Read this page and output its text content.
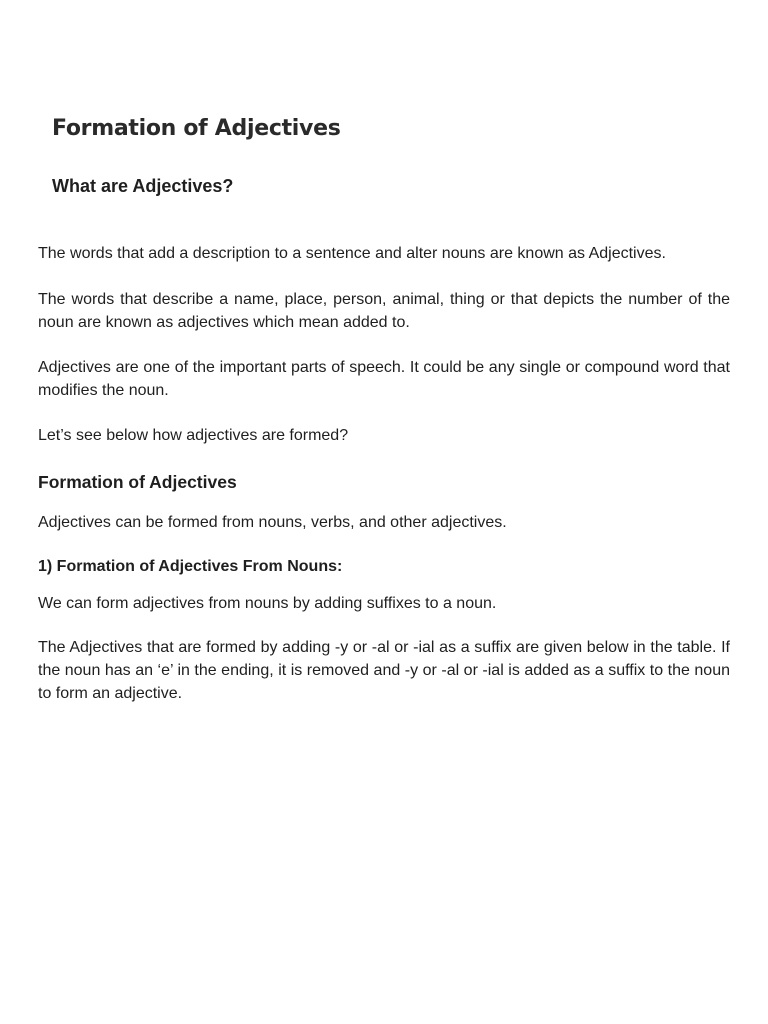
Formation of Adjectives
What are Adjectives?

The words that add a description to a sentence and alter nouns are known as Adjectives.

The words that describe a name, place, person, animal, thing or that depicts the number of the noun are known as adjectives which mean added to.

Adjectives are one of the important parts of speech. It could be any single or compound word that modifies the noun.

Let’s see below how adjectives are formed?

Formation of Adjectives

Adjectives can be formed from nouns, verbs, and other adjectives.

1) Formation of Adjectives From Nouns:

We can form adjectives from nouns by adding suffixes to a noun.

The Adjectives that are formed by adding -y or -al or -ial as a suffix are given below in the table. If the noun has an ‘e’ in the ending, it is removed and -y or -al or -ial is added as a suffix to the noun to form an adjective.
